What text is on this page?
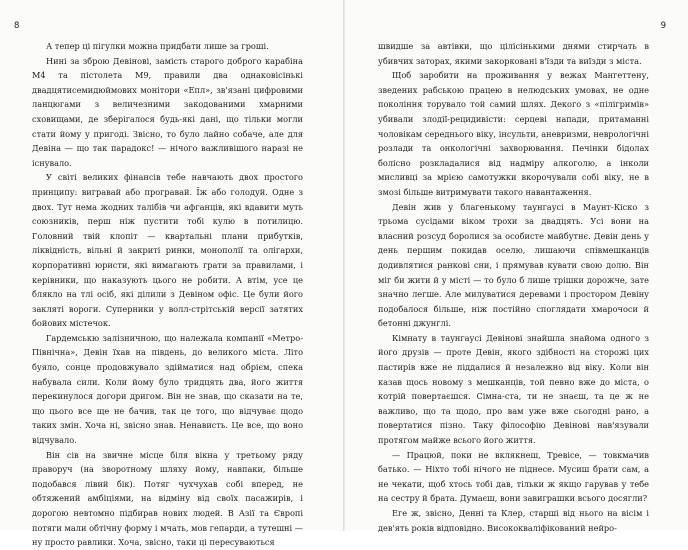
8

А тепер ці пігулки можна придбати лише за гроші.

Нині за зброю Девінові, замість старого доброго карабіна М4 та пістолета М9, правили два однаковісінькі двадцятисемидюймових монітори «Епл», зв'язані цифровими ланцюгами з величезними закодованими хмарними сховищами, де зберігалося будь-які дані, що тільки могли стати йому у пригоді. Звісно, то було лайно собаче, але для Девіна — що так парадокс! — нічого важливішого наразі не існувало.

У світі великих фінансів тебе навчають двох простого принципу: вигравай або програвай. Їж або голодуй. Одне з двох. Тут нема жодних талібів чи афганців, які вдавити муть союзників, перш ніж пустити тобі кулю в потилицю. Головний твій клопіт — квартальні плани прибутків, ліквідність, вільні й закриті ринки, монополії та олігархи, корпоративні юристи, які вимагають грати за правилами, і керівники, що наказують цього не робити. А втім, усе це блякло на тлі осіб, які ділили з Девіном офіс. Це були його закляті вороги. Суперники у волл-стрітській версії затятих бойових містечок.

Гардемськю залізничною, що належала компанії «Метро-Північна», Девін їхав на південь, до великого міста. Літо буяло, сонце продовжувало здійматися над обрієм, спека набувала сили. Коли йому було тридцять два, його життя перекинулося догори дригом. Він не знав, що сказати на те, що цього все ще не бачив, так це того, що відчуває щодо таких змін. Хоча ні, звісно знав. Ненависть. Це все, що воно відчувало.

Він сів на звичне місце біля вікна у третьому ряду праворуч (на зворотному шляху йому, навпаки, більше подобався лівий бік). Потяг чухчухав собі вперед, не обтяжений амбіціями, на відміну від своїх пасажирів, і дорогою невтомно підбирав нових людей. В Азії та Європі потяги мали обтічну форму і мчать, мов гепарди, а тутешні — ну просто равлики. Хоча, звісно, таки ці пересуваються

9

швидше за автівки, що цілісінькими днями стирчать в убивчих заторах, якими закорковані в'їзди та виїзди з міста.

Щоб заробити на проживання у вежах Мангеттену, зведених рабською працею в нелюдських умовах, не одне покоління торувало той самий шлях. Декого з «пілігримів» убивали злодії-рецидивісти: серцеві напади, притаманні чоловікам середнього віку, інсульти, аневризми, неврологічні розлади та онкологічні захворювання. Печінки бідолах болісно розкладалися від надміру алкоголю, а інколи мисливці за мрією самотужки вкорочували собі віку, не в змозі більше витримувати такого навантаження.

Девін жив у благенькому таунгаусі в Маунт-Кіско з трьома сусідами віком трохи за двадцять. Усі вони на власний розсуд боролися за особисте майбутнє. Девін день у день першим покидав оселю, лишаючи співмешканців додивлятися ранкові сни, і прямував кувати свою долю. Він міг би жити й у місті — то було б лише трішки дорожче, зате значно легше. Але милуватися деревами і простором Девіну подобалося більше, ніж постійно споглядати хмарочоси й бетонні джунглі.

Кімнату в таунгаусі Девінові знайшла знайома одного з його друзів — проте Девін, якого здібності на сторожі цих пастирів вже не піддалися й незалежно від віку. Коли він казав щось новому з мешканців, той певно вже до міста, о котрій повертаєшся. Сімна-ста, ти не знаєш, та це ж не важливо, що та щодо, про вам уже вже сьогодні рано, а повертатися пізно. Таку філософію Девінові нав'язували протягом майже всього його життя.

— Працюй, поки не вклякнеш, Тревісе, — товкмачив батько. — Ніхто тобі нічого не піднесе. Мусиш брати сам, а не чекати, щоб хтось тобі дав, тільки ж якщо гарував у тебе на сестру й брата. Думаєш, вони завиграшки всього досягли?

Еге ж, звісно, Денні та Клер, старші від нього на вісім і дев'ять років відповідно. Висококваліфікований нейро-
